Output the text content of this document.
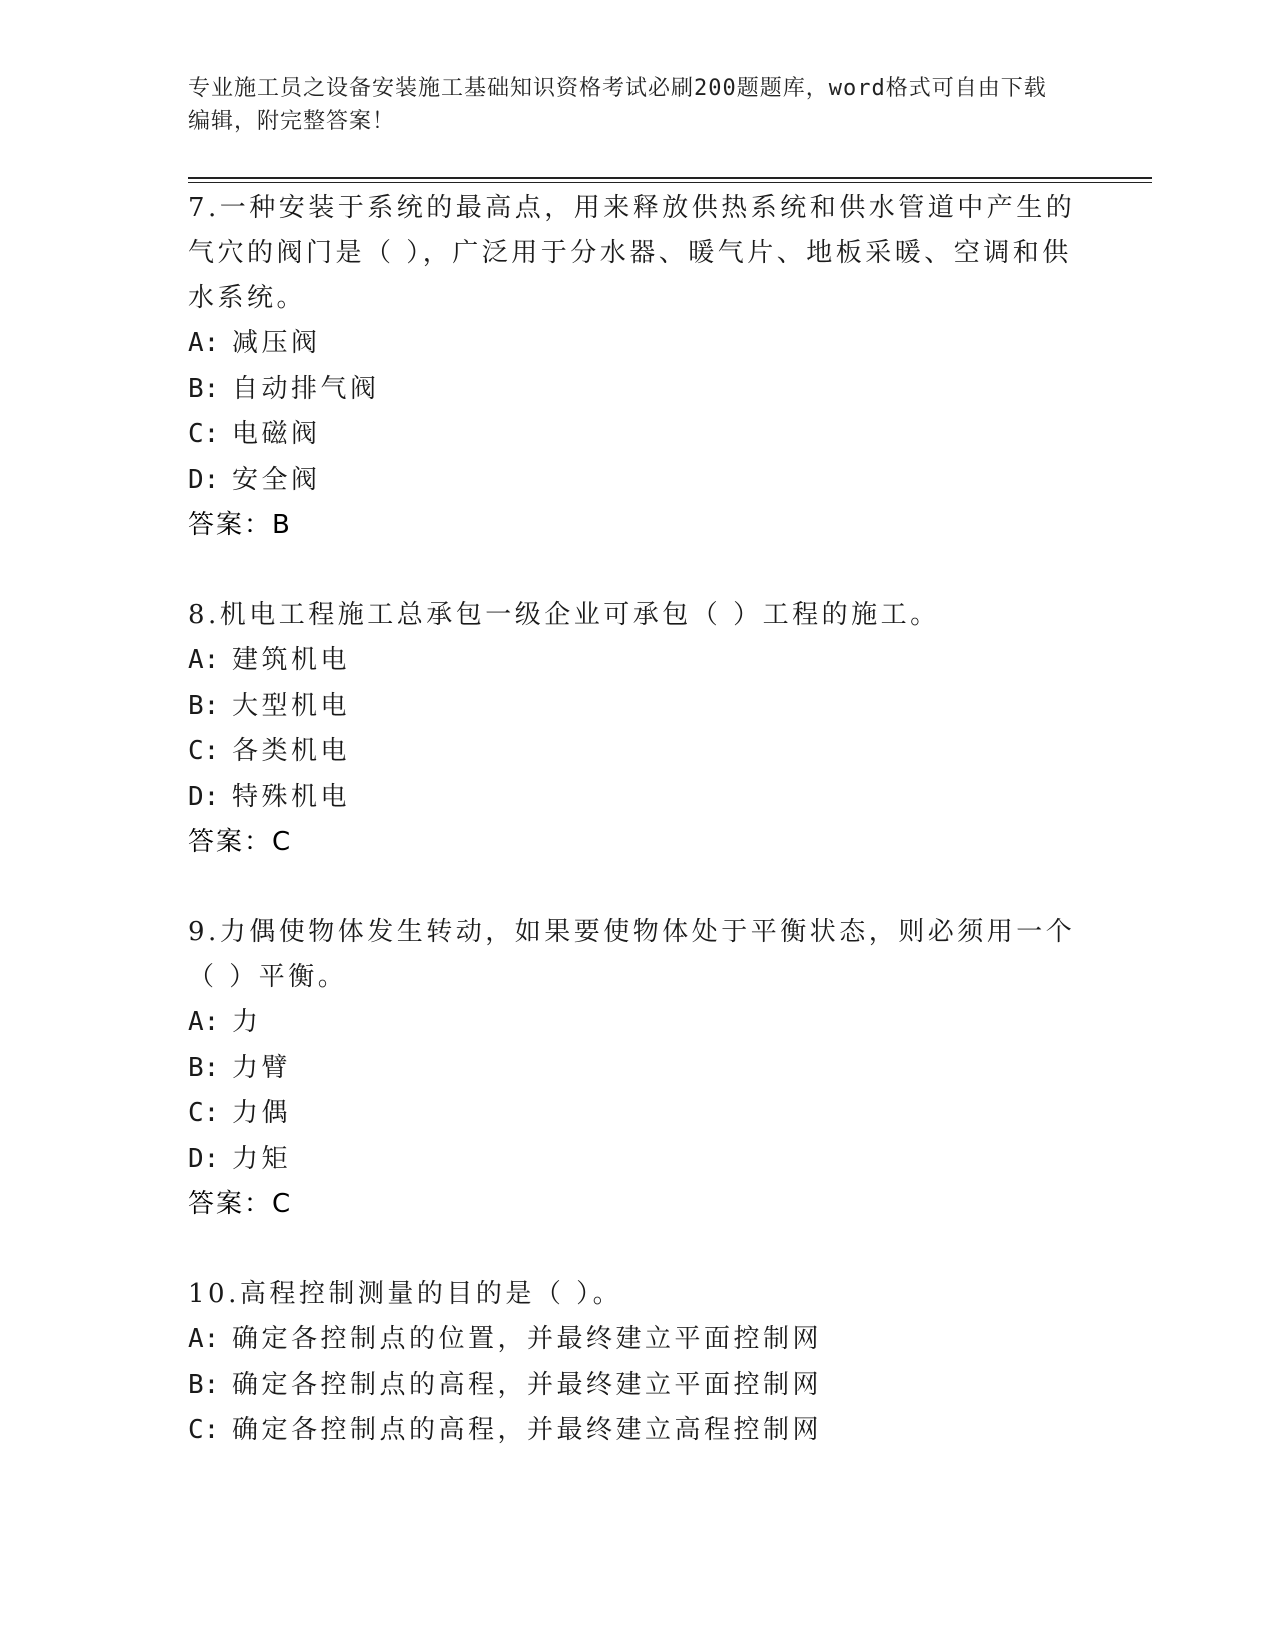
专业施工员之设备安装施工基础知识资格考试必刷200题题库，word格式可自由下载编辑，附完整答案！

7.一种安装于系统的最高点，用来释放供热系统和供水管道中产生的气穴的阀门是（ ），广泛用于分水器、暖气片、地板采暖、空调和供水系统。

A: 减压阀

B: 自动排气阀

C: 电磁阀

D: 安全阀

答案：B

8.机电工程施工总承包一级企业可承包（ ）工程的施工。

A: 建筑机电

B: 大型机电

C: 各类机电

D: 特殊机电

答案：C

9.力偶使物体发生转动，如果要使物体处于平衡状态，则必须用一个（ ）平衡。

A: 力

B: 力臂

C: 力偶

D: 力矩

答案：C

10.高程控制测量的目的是（ ）。

A: 确定各控制点的位置，并最终建立平面控制网

B: 确定各控制点的高程，并最终建立平面控制网

C: 确定各控制点的高程，并最终建立高程控制网
